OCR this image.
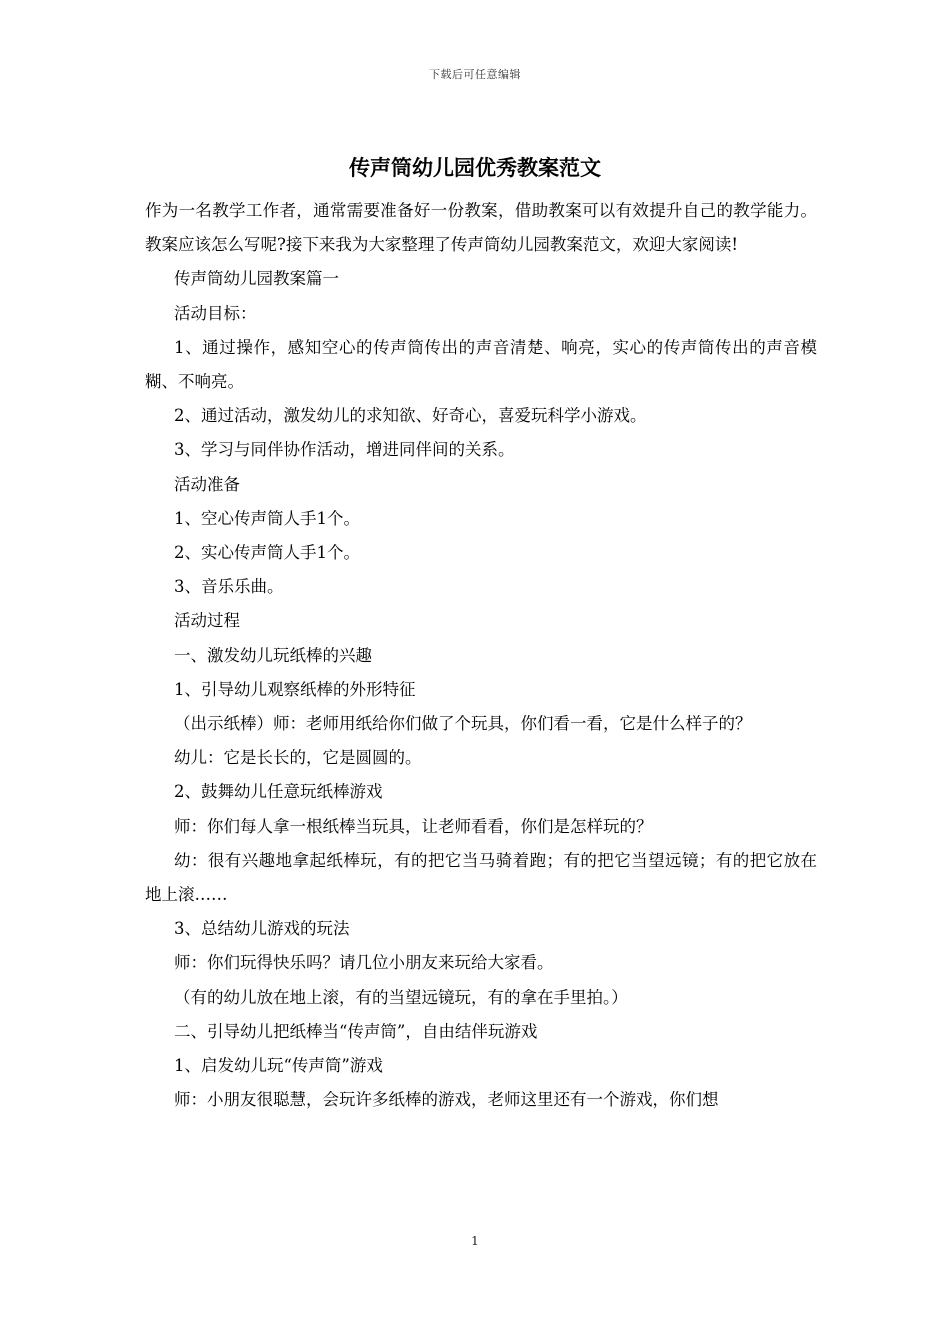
下载后可任意编辑
传声筒幼儿园优秀教案范文

作为一名教学工作者，通常需要准备好一份教案，借助教案可以有效提升自己的教学能力。教案应该怎么写呢?接下来我为大家整理了传声筒幼儿园教案范文，欢迎大家阅读!

传声筒幼儿园教案篇一

活动目标：

1、通过操作，感知空心的传声筒传出的声音清楚、响亮，实心的传声筒传出的声音模糊、不响亮。

2、通过活动，激发幼儿的求知欲、好奇心，喜爱玩科学小游戏。

3、学习与同伴协作活动，增进同伴间的关系。

活动准备

1、空心传声筒人手1个。

2、实心传声筒人手1个。

3、音乐乐曲。

活动过程

一、激发幼儿玩纸棒的兴趣

1、引导幼儿观察纸棒的外形特征

（出示纸棒）师：老师用纸给你们做了个玩具，你们看一看，它是什么样子的？

幼儿：它是长长的，它是圆圆的。

2、鼓舞幼儿任意玩纸棒游戏

师：你们每人拿一根纸棒当玩具，让老师看看，你们是怎样玩的？

幼：很有兴趣地拿起纸棒玩，有的把它当马骑着跑；有的把它当望远镜；有的把它放在地上滚……

3、总结幼儿游戏的玩法

师：你们玩得快乐吗？请几位小朋友来玩给大家看。

（有的幼儿放在地上滚，有的当望远镜玩，有的拿在手里拍。）

二、引导幼儿把纸棒当“传声筒”，自由结伴玩游戏

1、启发幼儿玩“传声筒”游戏

师：小朋友很聪慧，会玩许多纸棒的游戏，老师这里还有一个游戏，你们想

1
